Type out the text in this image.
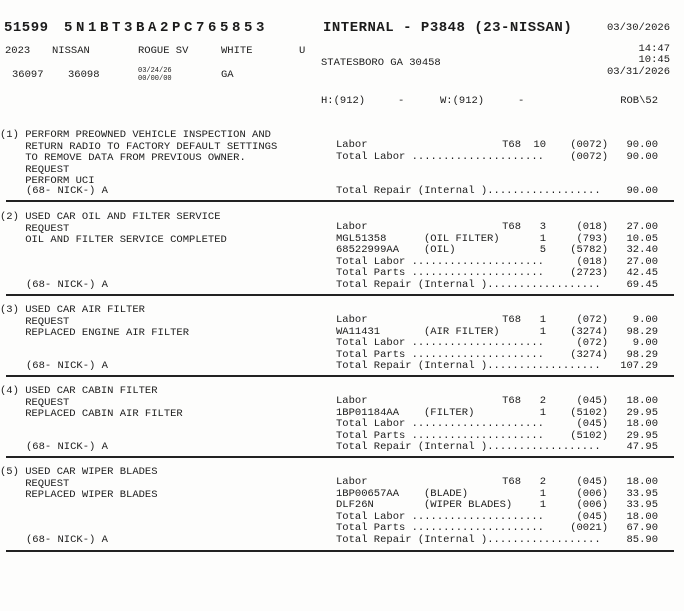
51599 5N1BT3BA2PC765853	INTERNAL - P3848 (23-NISSAN)	03/30/2026
2023 NISSAN	ROGUE SV	WHITE	U	14:47
10:45
STATESBORO GA 30458
36097 36098	03/24/26
00/00/00	GA	03/31/2026
H:(912)	-	W:(912)	-	ROB\52
(1) PERFORM PREOWNED VEHICLE INSPECTION AND
RETURN RADIO TO FACTORY DEFAULT SETTINGS
TO REMOVE DATA FROM PREVIOUS OWNER.
REQUEST
PERFORM UCI
(68- NICK-) A
Labor	T68 10 (0072) 90.00
Total Labor .....................	(0072) 90.00
Total Repair (Internal ).................. 90.00
(2) USED CAR OIL AND FILTER SERVICE
REQUEST
OIL AND FILTER SERVICE COMPLETED
(68- NICK-) A
Labor	T68 3	(018) 27.00
MGL51358	(OIL FILTER)	1	(793) 10.05
68522999AA (OIL)	5 (5782) 32.40
Total Labor .....................	(018) 27.00
Total Parts .....................	(2723) 42.45
Total Repair (Internal ).................. 69.45
(3) USED CAR AIR FILTER
REQUEST
REPLACED ENGINE AIR FILTER
(68- NICK-) A
Labor	T68 1	(072) 9.00
WA11431	(AIR FILTER)	1 (3274) 98.29
Total Labor .....................	(072) 9.00
Total Parts .....................	(3274) 98.29
Total Repair (Internal ).................. 107.29
(4) USED CAR CABIN FILTER
REQUEST
REPLACED CABIN AIR FILTER
(68- NICK-) A
Labor	T68 2	(045) 18.00
1BP01184AA (FILTER)	1 (5102) 29.95
Total Labor .....................	(045) 18.00
Total Parts .....................	(5102) 29.95
Total Repair (Internal ).................. 47.95
(5) USED CAR WIPER BLADES
REQUEST
REPLACED WIPER BLADES
(68- NICK-) A
Labor	T68 2	(045) 18.00
1BP00657AA (BLADE)	1	(006) 33.95
DLF26N	(WIPER BLADES)	1	(006) 33.95
Total Labor .....................	(045) 18.00
Total Parts .....................	(0021) 67.90
Total Repair (Internal ).................. 85.90
